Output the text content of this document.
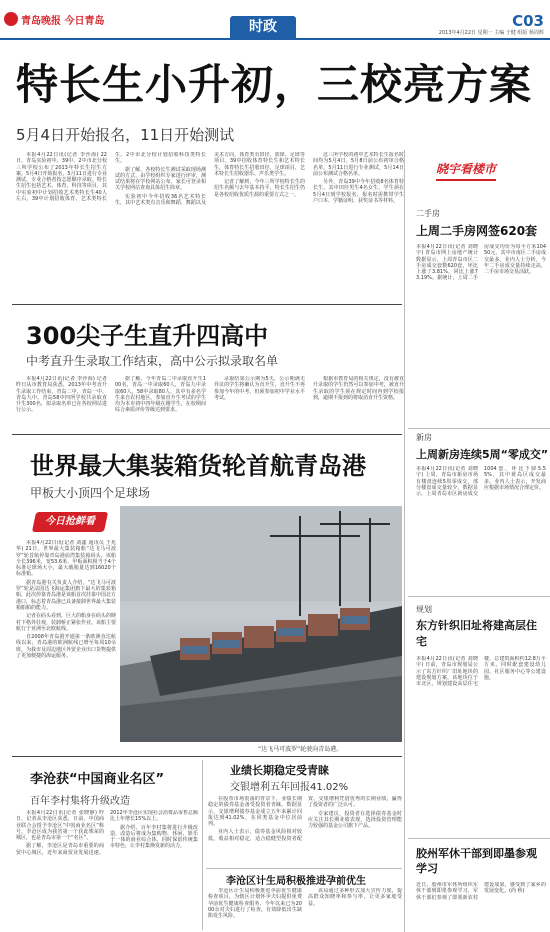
青岛晚报 今日青岛	时政	C03
2013年4月22日 星期一 主编 于健 组版 杨周辉
特长生小升初，三校亮方案
5月4日开始报名，11日开始测试
本报4月22日讯(记者 李沙海) 22日，青岛实验初中、39中、2中市北分校三所学校公布了2013年特长生招生方案。5月4日开始报名，5月11日进行专业测试，专业合格者按志愿顺序录取。特长生招生包括艺术、体育、科技等项目，其中实验初中计划招收艺术类特长生40人左右，39中计划招收体育、艺术类特长生。2中市北分校计划招收科技类特长生。
据了解，各校特长生测试采取现场测试的方式，由学校组织专家进行评审，测试结果将在学校网站公布。家长可登录相关学校网站查询具体招生简章。
实验初中今年招收36名艺术特长生，其中艺术类有音乐和舞蹈、舞蹈以及美术方向，体育类有田径、篮球、足球等项目。39中招收体育特长生和艺术特长生，体育特长生招收田径、足球项目，艺术特长生招收器乐、声乐类学生。
记者了解到，今年三所学校特长生的招生名额与去年基本持平，特长生招生仍是各校招收优质生源的重要方式之一。
这三所学校的初中艺术特长生报名时间均为5月4日，5月8日前公布初审合格名单，5月11日进行专业测试，5月14日前公布测试合格名单。
另外，青岛39中今年招收8名体育特长生，其中田径男生4名女生，学生须在5月4日到学校报名。报名时需携带学生户口本、学籍证明、获奖证书等材料。
晓宇看楼市
二手房
上周二手房网签620套
本报4月22日讯(记者 刘晓宇) 青岛市网上房地产统计数据显示，上周青岛市区二手房成交套数620套，环比上涨了3.81%，同比上涨73.19%。据统计，上周二手房成交均价为每平方米10450元，其中市南区二手房成交最多。业内人士分析，今年二手房成交量持续走高，二手房市场交易活跃。
新房
上周新房连续5周“零成交”
本报4月22日讯(记者 刘晓宇) 上周，青岛市新房市场有楼盘连续5周零成交，部分楼盘成交量较少。数据显示，上周青岛市区新房成交1004套，环比下降5.55%，其中黄岛区成交最多。业内人士表示，开发商应根据市场情况合理定价。
规划
东方针织旧址将建高层住宅
本报4月22日讯(记者 刘晓宇) 日前，青岛市规划局公示了东方针织厂旧址地块的建设规划方案，该地块位于市北区，规划建设高层住宅楼，总建筑面积约12.8万平方米，同时配套建设幼儿园、社区服务中心等公建设施。
胶州军休干部到即墨参观学习
近日，胶州市军休所组织军休干部到即墨参观学习，军休干部们参观了即墨新农村建设成果，感受到了家乡的发展变化。(尚 秋)
300尖子生直升四高中
中考直升生录取工作结束，高中公示拟录取名单
本报4月22日讯(记者 李沙海) 记者昨日从市教育局获悉，2013年中考直升生录取工作结束，青岛二中、青岛一中、青岛九中、青岛58中四所学校共录取直升生300名，拟录取名单已在各校网站进行公示。
据了解，今年青岛二中录取直升生100名，青岛一中录取60人，青岛九中录取60人，58中录取80人，其中有多名学生来自农村地区。参加直升生考试的学生均为本市初中四年级在籍学生，在校期间综合素质评价等级达到要求。
录取结果公示期为5天，公示期满无异议的学生将确认为直升生，直升生不再参加今年的中考，但须参加初中学业水平考试。
根据市教育局的相关规定，没有被直升录取的学生仍然可以参加中考，被直升生录取的学生须在规定时间内到学校报到，逾期不报到的将取消直升生资格。
世界最大集装箱货轮首航青岛港
甲板大小顶四个足球场
今日抢鲜看
本报4月22日讯(记者 刘鑫 通讯员 王兆华) 21日，世界最大集装箱船“达飞马可波罗”轮首航停靠青岛港前湾集装箱码头。该船全长396米，宽53.6米，甲板面积相当于4个标准足球场大小，最大载箱量达到16020个标准箱。
据青岛港有关负责人介绍，“达飞马可波罗”轮是法国达飞海运集团旗下最大的集装箱船，此次停靠青岛港是该船首次挂靠中国北方港口，标志着青岛港已具备接卸世界最大集装箱船舶的能力。
记者在码头看到，巨大的船身在码头的映衬下格外壮观，装卸桥正紧张作业。该船主要航行于亚洲至北欧航线。
自2008年青岛港开通第一条欧洲直达航线以来，青岛港的欧洲航线已增至每周10余班，为我市及周边地区外贸企业出口货物提供了更加便捷的海运服务。
“达飞马可波罗”轮驶向青岛港。
李沧获“中国商业名区”
百年李村集将升级改造
本报4月22日讯(记者 张晓静) 昨日，记者从李沧区获悉，日前，中国商业联合会授予李沧区“中国商业名区”称号。李沧区成为我省第一个获此殊荣的城区，也是青岛市第一个“名区”。
据了解，李沧区是青岛市重要的商贸中心城区，近年来商贸业发展迅速。2012年李沧区实现社会消费品零售总额比上年增长15%以上。
据介绍，百年李村集将进行升级改造，改造后将成为集购物、休闲、娱乐于一体的商业综合体，同时保留传统集市特色，让李村集焕发新的活力。
业绩长期稳定受青睐
交银增利五年回报41.02%
在股票市场震荡的背景下，业绩长期稳定的债券基金备受投资者青睐。数据显示，交银增利债券基金成立五年来累计回报达到41.02%，在同类基金中位居前列。
业内人士表示，债券基金风险相对较低，收益相对稳定，适合稳健型投资者配置。交银增利凭借优秀的长期业绩，赢得了投资者的广泛认可。
专家建议，投资者在选择债券基金时应关注其长期业绩表现，选择投资管理能力较强的基金公司旗下产品。
李沧区计生局积极推进孕前优生
李沧区计生局积极推进孕前优生健康检查项目，为辖区计划怀孕夫妇提供免费孕前优生健康检查服务，今年以来已为2000余对夫妇进行了检查，有效降低出生缺陷发生风险。
该局通过多种形式加大宣传力度，提高群众知晓率和参与率，让更多家庭受益。
